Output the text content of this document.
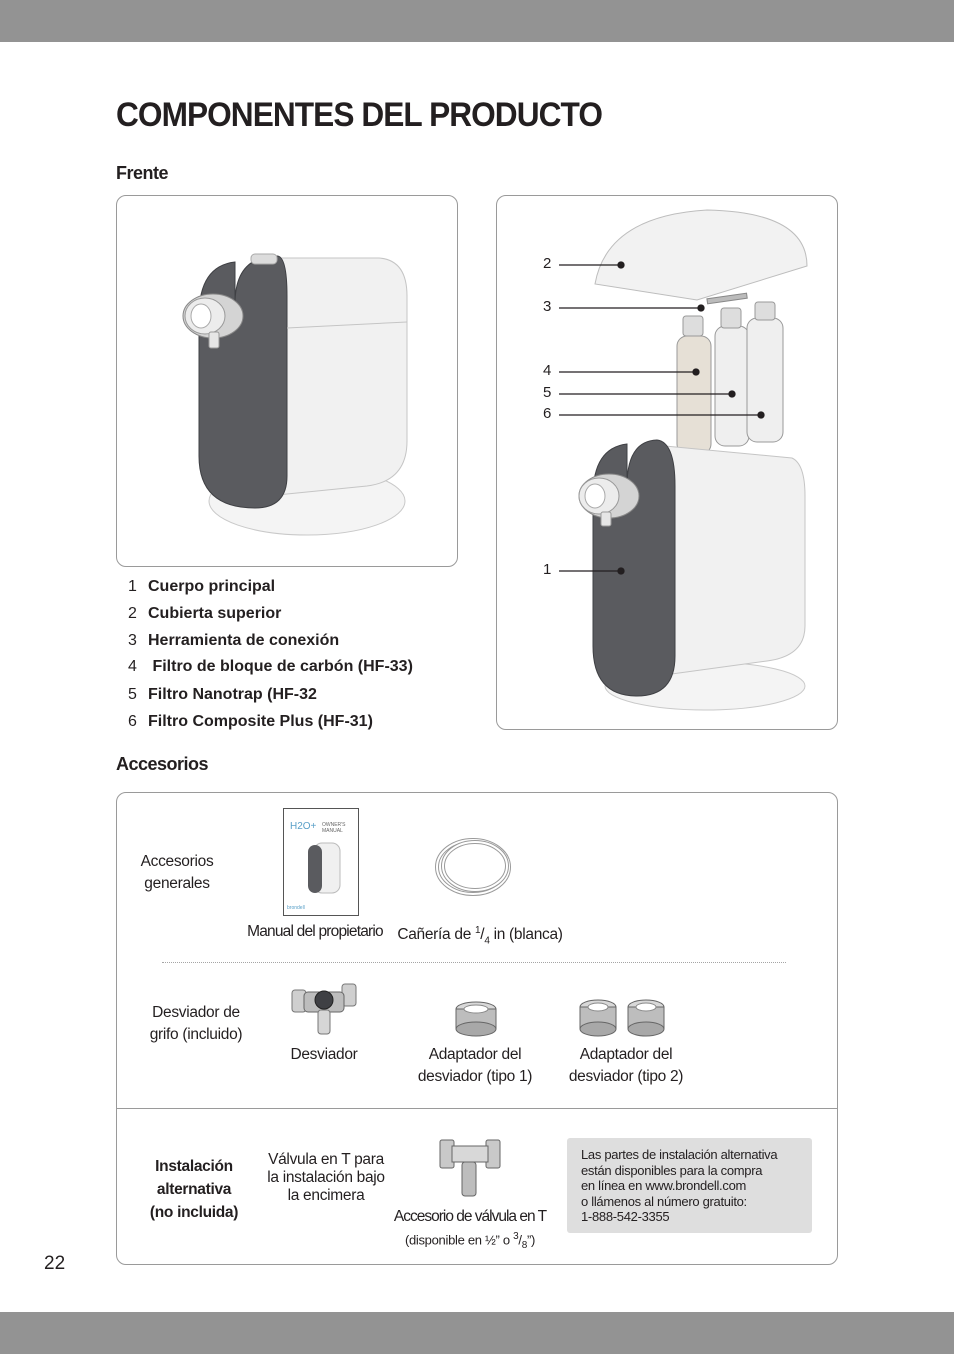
COMPONENTES DEL PRODUCTO
Frente
1 Cuerpo principal
2 Cubierta superior
3 Herramienta de conexión
4 Filtro de bloque de carbón (HF-33)
5 Filtro Nanotrap (HF-32
6 Filtro Composite Plus (HF-31)
2
3
4
5
6
1
Accesorios
Accesorios
generales
H2O+ OWNER'S
MANUAL
brondell
Manual del propietario Cañería de $^1/_4$ in (blanca)
Desviador de
grifo (incluido)
Desviador	Adaptador del
desviador (tipo 1)
Adaptador del
desviador (tipo 2)
Instalación
alternativa
(no incluida)
Válvula en T para
la instalación bajo
la encimera
Accesorio de válvula en T
(disponible en ½” o $^3/_8$”)
Las partes de instalación alternativa
están disponibles para la compra
en línea en www.brondell.com
o llámenos al número gratuito:
1-888-542-3355
22
